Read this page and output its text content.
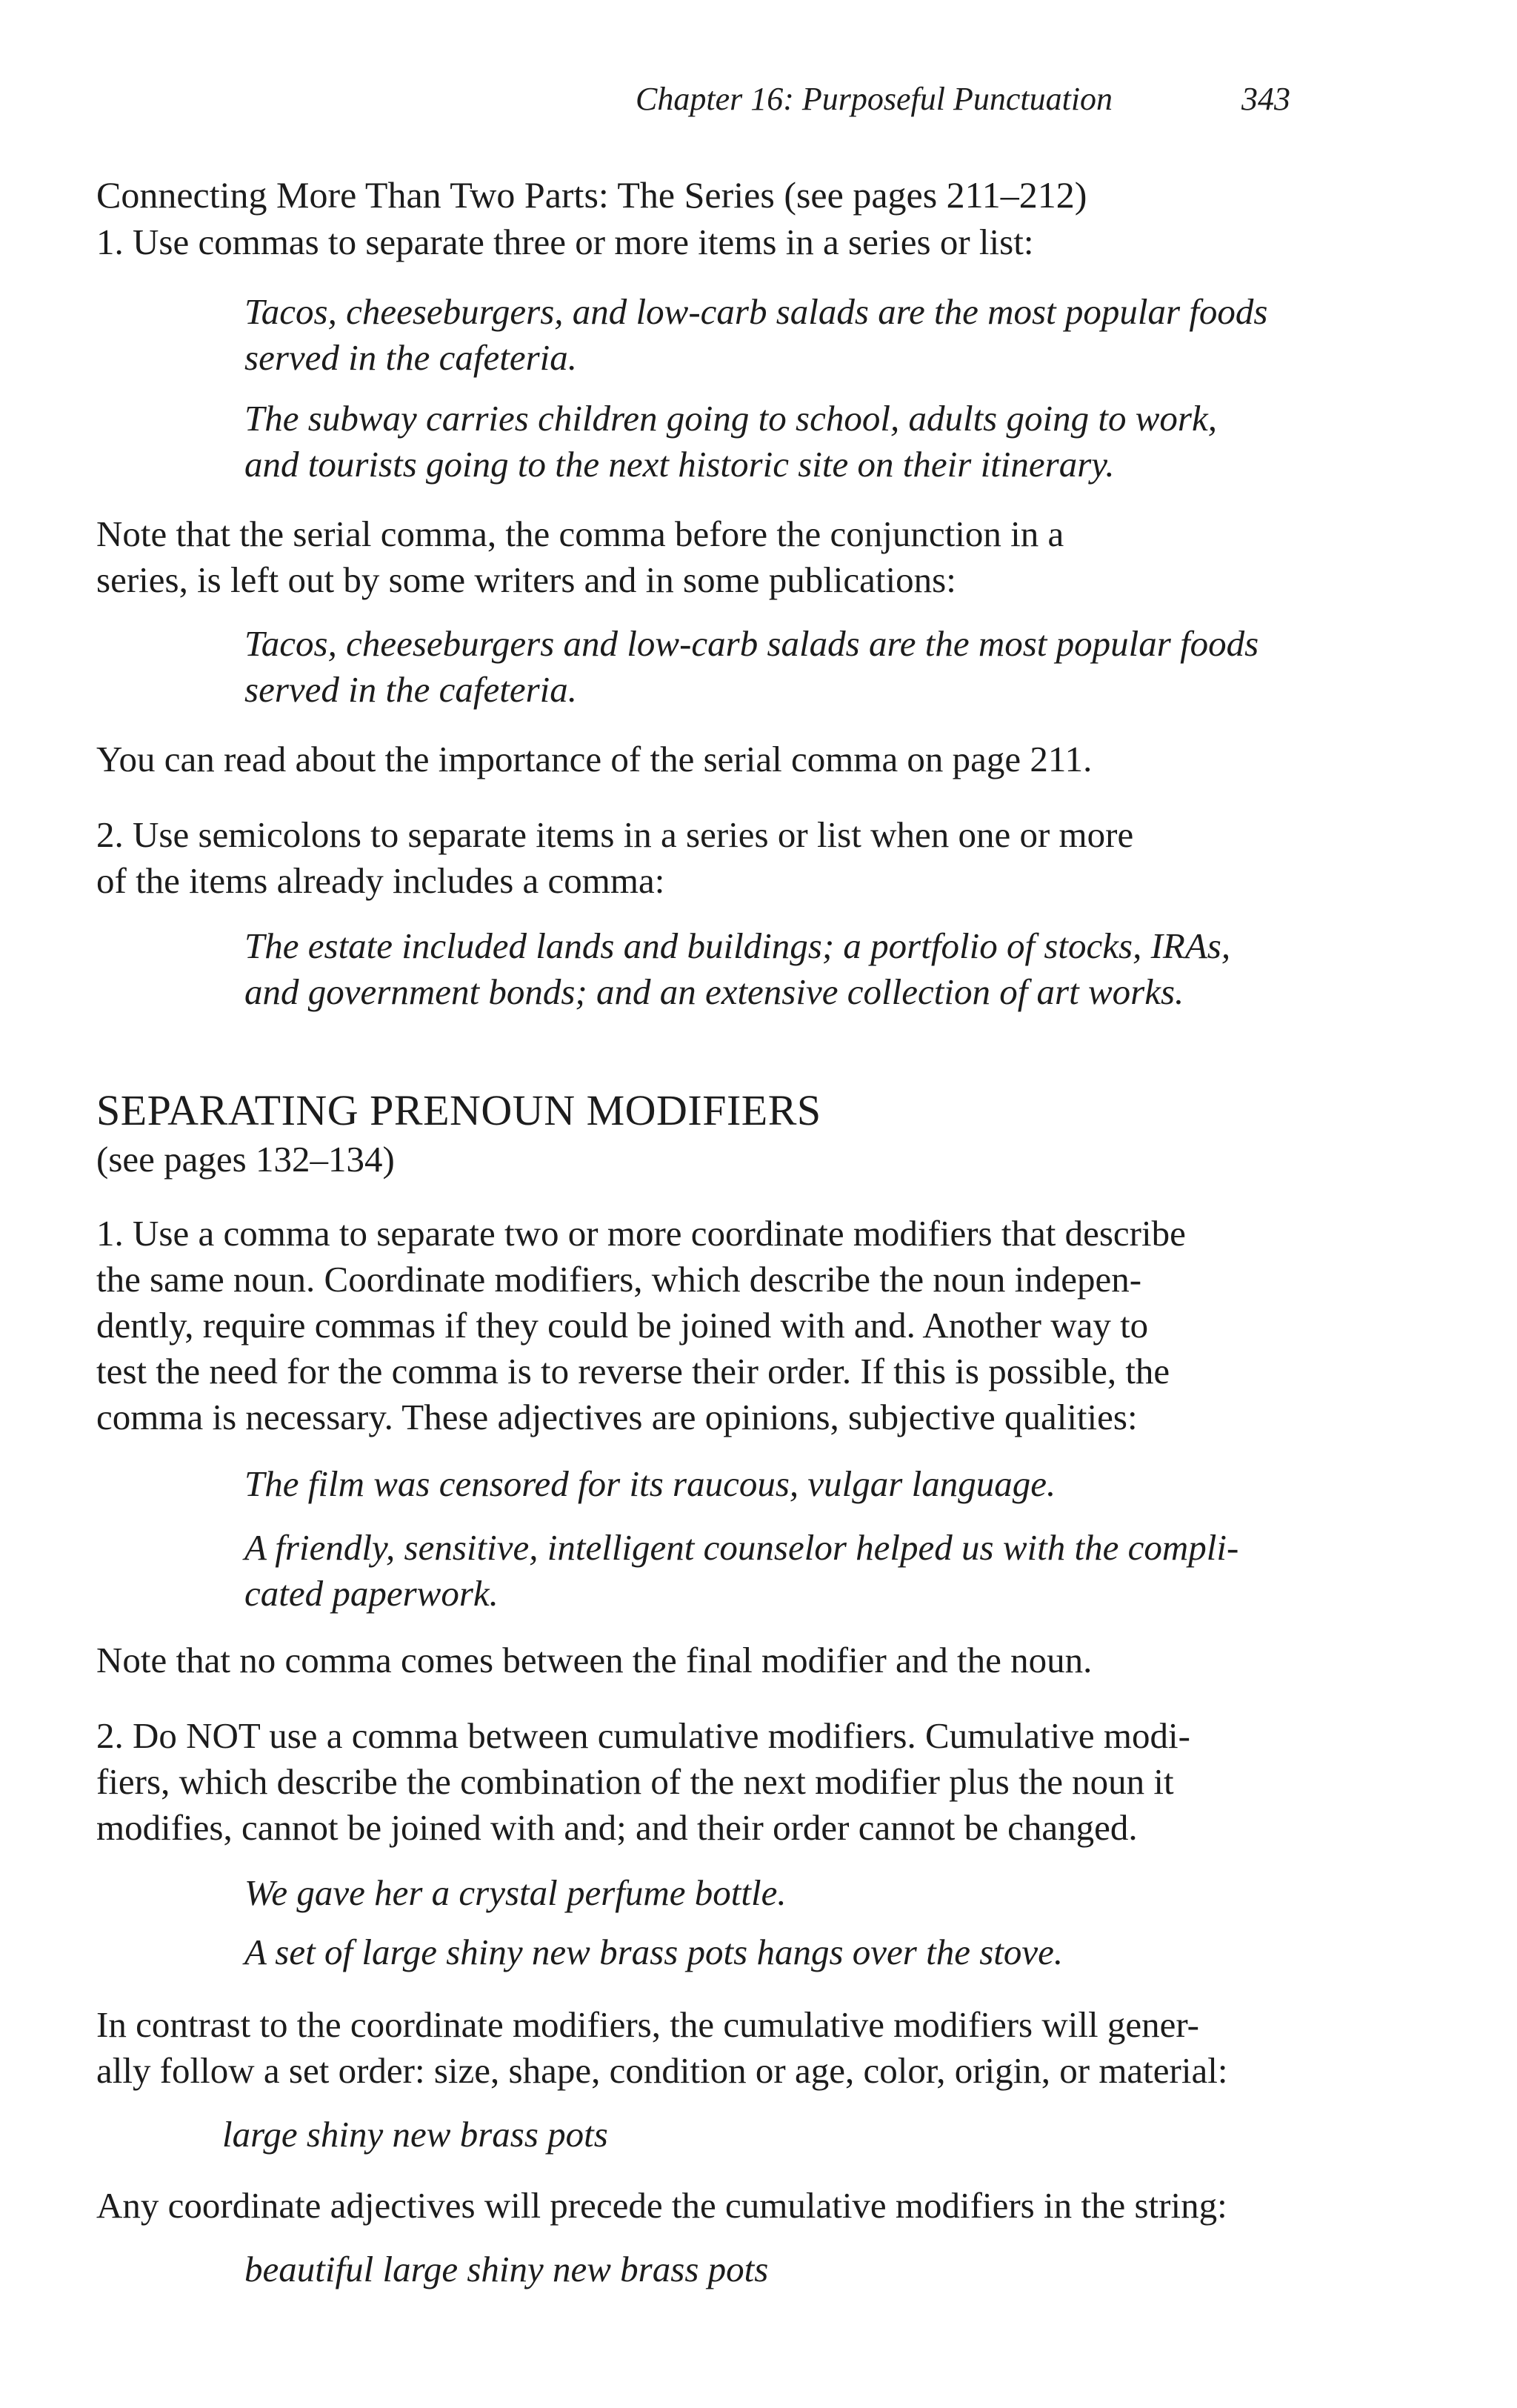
Chapter 16: Purposeful Punctuation	343
Connecting More Than Two Parts: The Series (see pages 211–212)
1. Use commas to separate three or more items in a series or list:
Tacos, cheeseburgers, and low-carb salads are the most popular foods
served in the cafeteria.
The subway carries children going to school, adults going to work,
and tourists going to the next historic site on their itinerary.
Note that the serial comma, the comma before the conjunction in a
series, is left out by some writers and in some publications:
Tacos, cheeseburgers and low-carb salads are the most popular foods
served in the cafeteria.
You can read about the importance of the serial comma on page 211.
2. Use semicolons to separate items in a series or list when one or more
of the items already includes a comma:
The estate included lands and buildings; a portfolio of stocks, IRAs,
and government bonds; and an extensive collection of art works.
SEPARATING PRENOUN MODIFIERS
(see pages 132–134)
1. Use a comma to separate two or more coordinate modifiers that describe
the same noun. Coordinate modifiers, which describe the noun indepen-
dently, require commas if they could be joined with and. Another way to
test the need for the comma is to reverse their order. If this is possible, the
comma is necessary. These adjectives are opinions, subjective qualities:
The film was censored for its raucous, vulgar language.
A friendly, sensitive, intelligent counselor helped us with the compli-
cated paperwork.
Note that no comma comes between the final modifier and the noun.
2. Do NOT use a comma between cumulative modifiers. Cumulative modi-
fiers, which describe the combination of the next modifier plus the noun it
modifies, cannot be joined with and; and their order cannot be changed.
We gave her a crystal perfume bottle.
A set of large shiny new brass pots hangs over the stove.
In contrast to the coordinate modifiers, the cumulative modifiers will gener-
ally follow a set order: size, shape, condition or age, color, origin, or material:
large shiny new brass pots
Any coordinate adjectives will precede the cumulative modifiers in the string:
beautiful large shiny new brass pots
